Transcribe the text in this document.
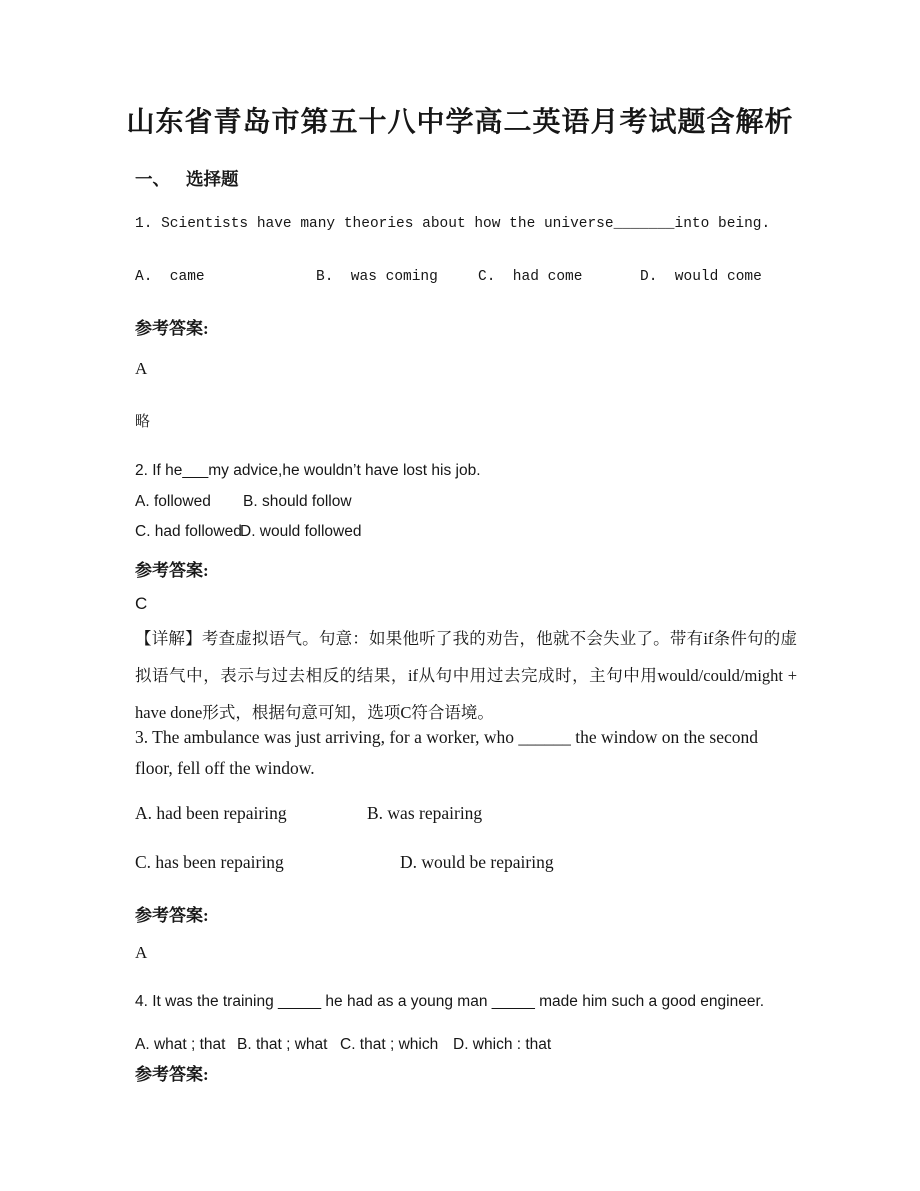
山东省青岛市第五十八中学高二英语月考试题含解析
一、 选择题
1. Scientists have many theories about how the universe_______into being.
A.  came	B.  was coming	C.  had come	D.  would come
参考答案:
A
略
2. If he___my advice,he wouldn’t have lost his job.
A. followed B. should follow
C. had followed
D. would followed
参考答案:
C
【详解】考查虚拟语气。句意：如果他听了我的劝告，他就不会失业了。带有if条件句的虚拟语气中，表示与过去相反的结果，if从句中用过去完成时，主句中用would/could/might + have done形式，根据句意可知，选项C符合语境。
3. The ambulance was just arriving, for a worker, who ______ the window on the second floor, fell off the window.
A. had been repairing	B. was repairing
C. has been repairing	D. would be repairing
参考答案:
A
4. It was the training _____ he had as a young man _____ made him such a good engineer.
A. what ; that B. that ; what C. that ; which D. which : that
参考答案:
